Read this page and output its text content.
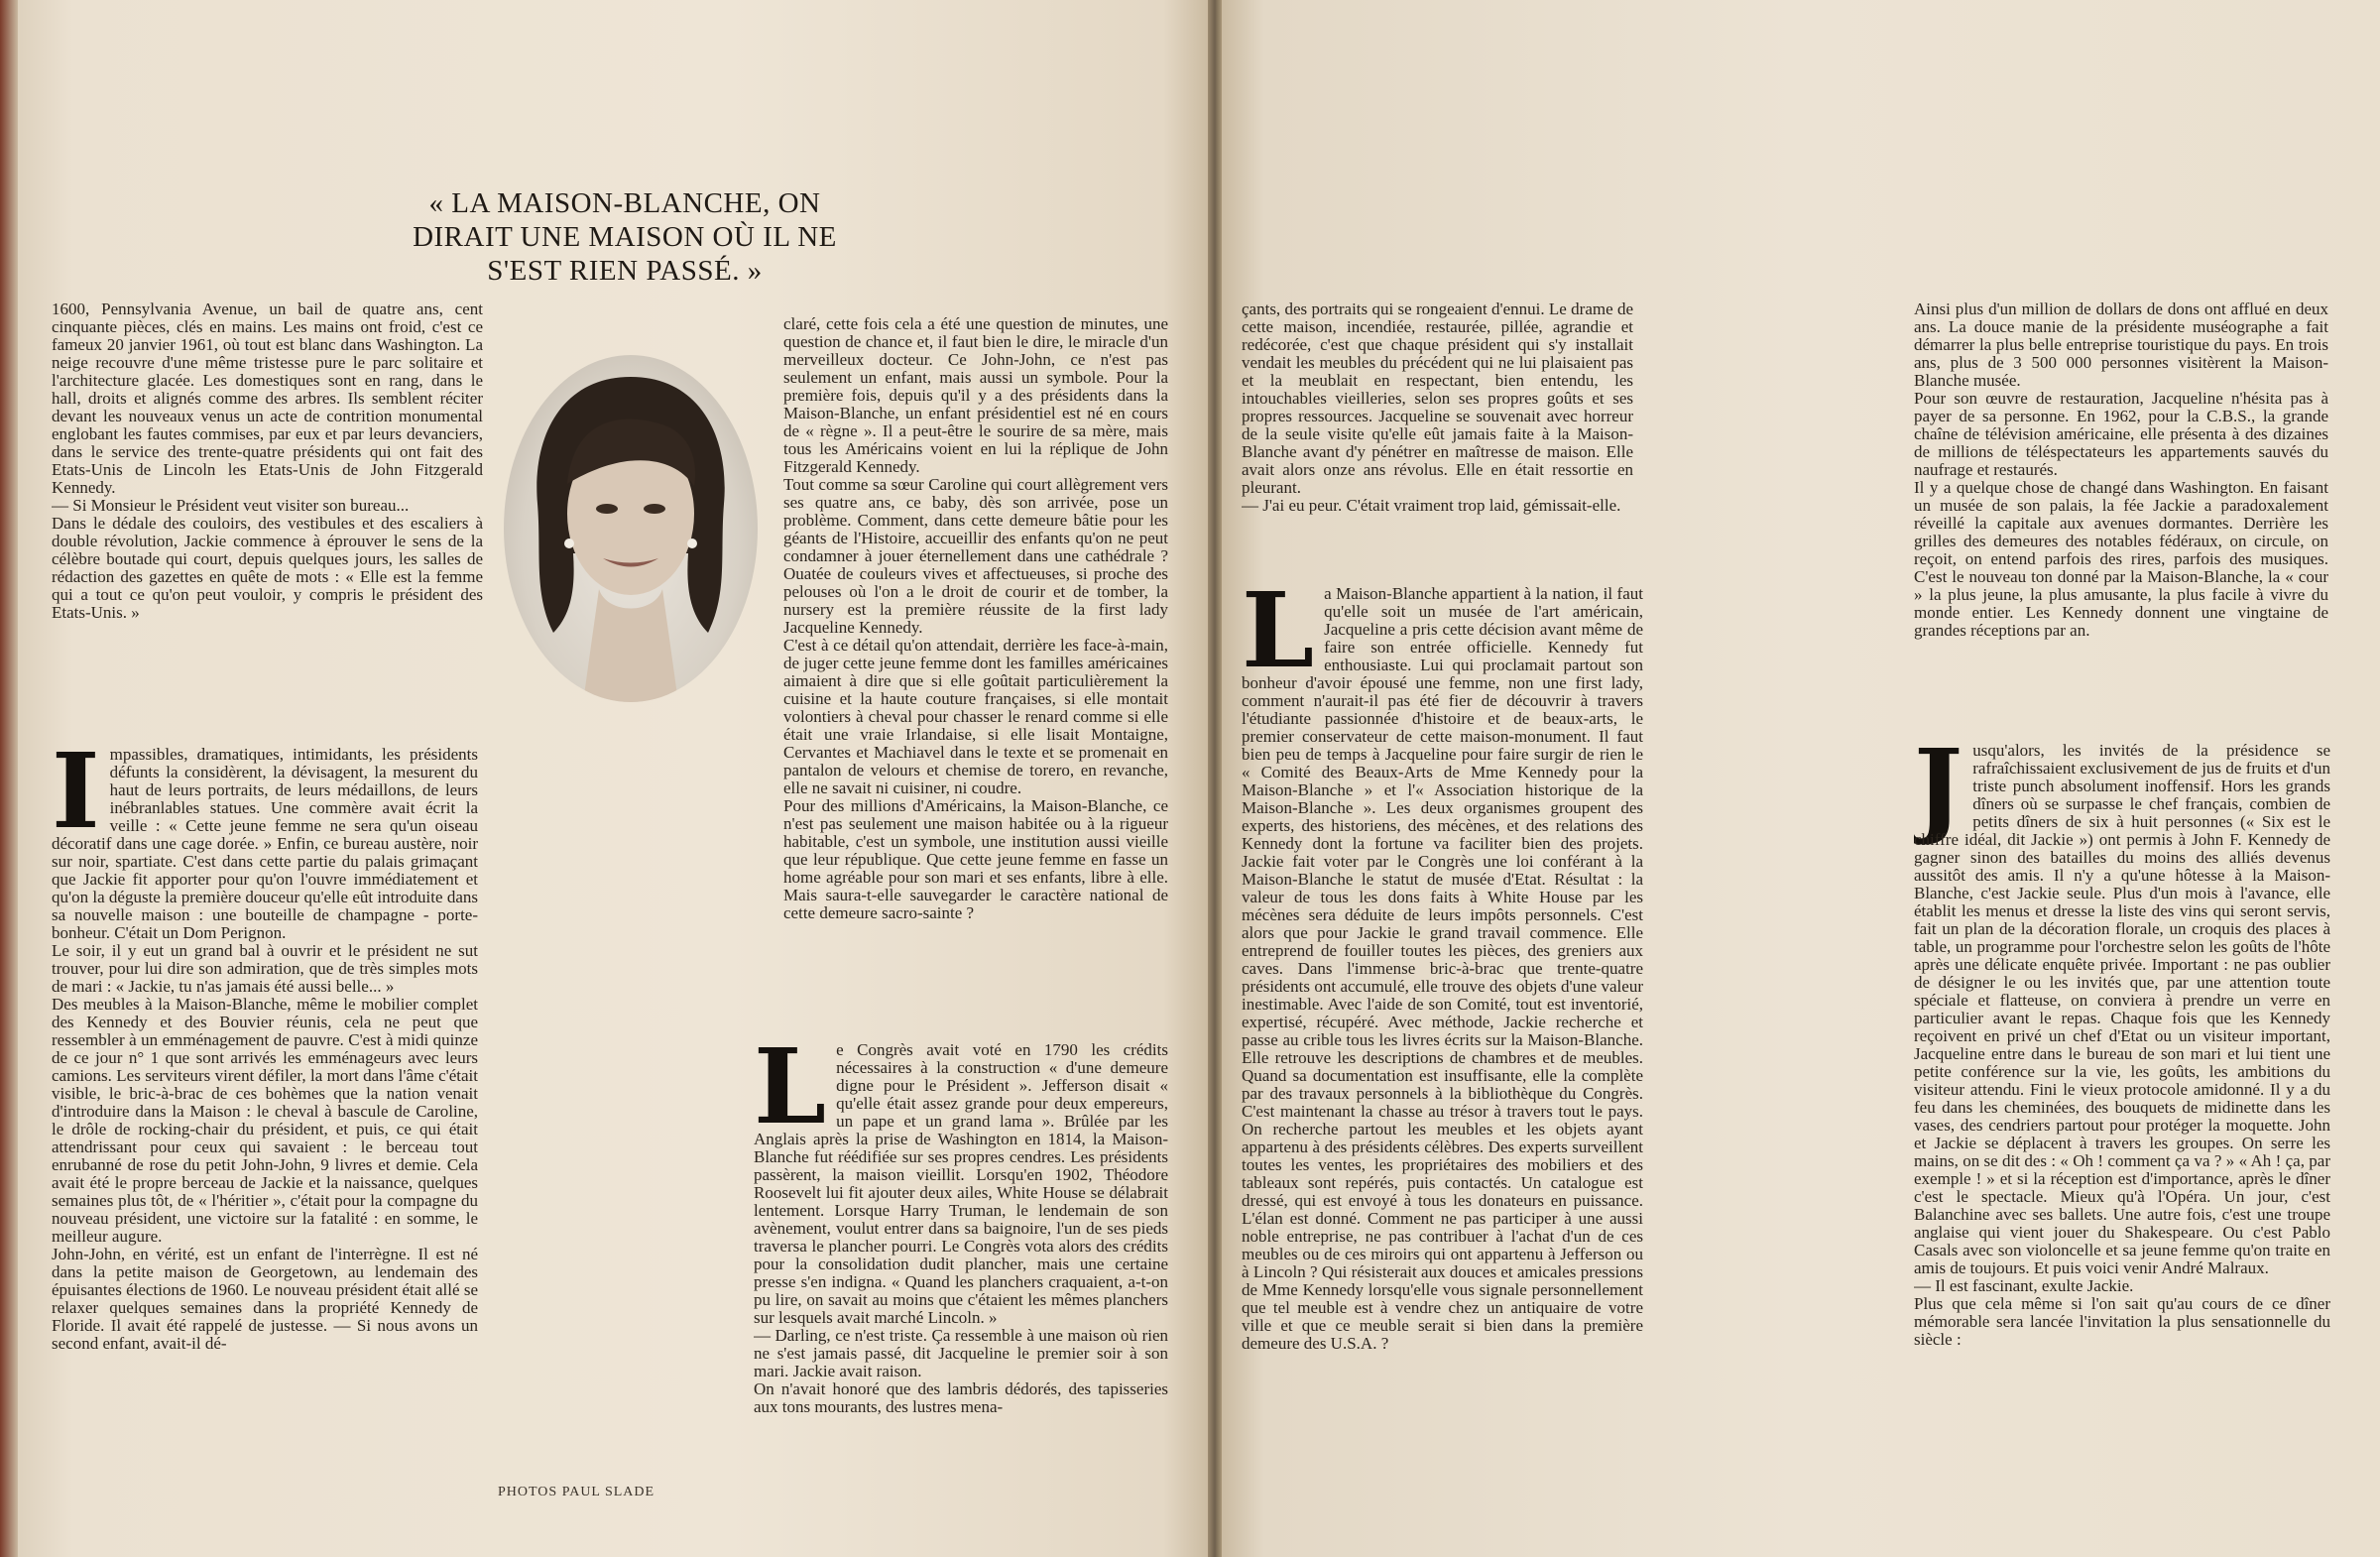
« LA MAISON-BLANCHE, ON DIRAIT UNE MAISON OÙ IL NE S'EST RIEN PASSÉ. »
PHOTOS PAUL SLADE

1600, Pennsylvania Avenue, un bail de quatre ans, cent cinquante pièces, clés en mains. Les mains ont froid, c'est ce fameux 20 janvier 1961, où tout est blanc dans Washington. La neige recouvre d'une même tristesse pure le parc solitaire et l'architecture glacée. Les domestiques sont en rang, dans le hall, droits et alignés comme des arbres. Ils semblent réciter devant les nouveaux venus un acte de contrition monumental englobant les fautes commises, par eux et par leurs devanciers, dans le service des trente-quatre présidents qui ont fait des Etats-Unis de Lincoln les Etats-Unis de John Fitzgerald Kennedy.

— Si Monsieur le Président veut visiter son bureau...

Dans le dédale des couloirs, des vestibules et des escaliers à double révolution, Jackie commence à éprouver le sens de la célèbre boutade qui court, depuis quelques jours, les salles de rédaction des gazettes en quête de mots : « Elle est la femme qui a tout ce qu'on peut vouloir, y compris le président des Etats-Unis. »

I mpassibles, dramatiques, intimidants, les présidents défunts la considèrent, la dévisagent, la mesurent du haut de leurs portraits, de leurs médaillons, de leurs inébranlables statues. Une commère avait écrit la veille : « Cette jeune femme ne sera qu'un oiseau décoratif dans une cage dorée. » Enfin, ce bureau austère, noir sur noir, spartiate. C'est dans cette partie du palais grimaçant que Jackie fit apporter pour qu'on l'ouvre immédiatement et qu'on la déguste la première douceur qu'elle eût introduite dans sa nouvelle maison : une bouteille de champagne - porte-bonheur. C'était un Dom Perignon.

Le soir, il y eut un grand bal à ouvrir et le président ne sut trouver, pour lui dire son admiration, que de très simples mots de mari : « Jackie, tu n'as jamais été aussi belle... »

Des meubles à la Maison-Blanche, même le mobilier complet des Kennedy et des Bouvier réunis, cela ne peut que ressembler à un emménagement de pauvre. C'est à midi quinze de ce jour n° 1 que sont arrivés les emménageurs avec leurs camions. Les serviteurs virent défiler, la mort dans l'âme c'était visible, le bric-à-brac de ces bohèmes que la nation venait d'introduire dans la Maison : le cheval à bascule de Caroline, le drôle de rocking-chair du président, et puis, ce qui était attendrissant pour ceux qui savaient : le berceau tout enrubanné de rose du petit John-John, 9 livres et demie. Cela avait été le propre berceau de Jackie et la naissance, quelques semaines plus tôt, de « l'héritier », c'était pour la compagne du nouveau président, une victoire sur la fatalité : en somme, le meilleur augure.

John-John, en vérité, est un enfant de l'interrègne. Il est né dans la petite maison de Georgetown, au lendemain des épuisantes élections de 1960. Le nouveau président était allé se relaxer quelques semaines dans la propriété Kennedy de Floride. Il avait été rappelé de justesse. — Si nous avons un second enfant, avait-il dé-

claré, cette fois cela a été une question de minutes, une question de chance et, il faut bien le dire, le miracle d'un merveilleux docteur. Ce John-John, ce n'est pas seulement un enfant, mais aussi un symbole. Pour la première fois, depuis qu'il y a des présidents dans la Maison-Blanche, un enfant présidentiel est né en cours de « règne ». Il a peut-être le sourire de sa mère, mais tous les Américains voient en lui la réplique de John Fitzgerald Kennedy.

Tout comme sa sœur Caroline qui court allègrement vers ses quatre ans, ce baby, dès son arrivée, pose un problème. Comment, dans cette demeure bâtie pour les géants de l'Histoire, accueillir des enfants qu'on ne peut condamner à jouer éternellement dans une cathédrale ? Ouatée de couleurs vives et affectueuses, si proche des pelouses où l'on a le droit de courir et de tomber, la nursery est la première réussite de la first lady Jacqueline Kennedy.

C'est à ce détail qu'on attendait, derrière les face-à-main, de juger cette jeune femme dont les familles américaines aimaient à dire que si elle goûtait particulièrement la cuisine et la haute couture françaises, si elle montait volontiers à cheval pour chasser le renard comme si elle était une vraie Irlandaise, si elle lisait Montaigne, Cervantes et Machiavel dans le texte et se promenait en pantalon de velours et chemise de torero, en revanche, elle ne savait ni cuisiner, ni coudre.

Pour des millions d'Américains, la Maison-Blanche, ce n'est pas seulement une maison habitée ou à la rigueur habitable, c'est un symbole, une institution aussi vieille que leur république. Que cette jeune femme en fasse un home agréable pour son mari et ses enfants, libre à elle. Mais saura-t-elle sauvegarder le caractère national de cette demeure sacro-sainte ?

L e Congrès avait voté en 1790 les crédits nécessaires à la construction « d'une demeure digne pour le Président ». Jefferson disait « qu'elle était assez grande pour deux empereurs, un pape et un grand lama ». Brûlée par les Anglais après la prise de Washington en 1814, la Maison-Blanche fut réédifiée sur ses propres cendres. Les présidents passèrent, la maison vieillit. Lorsqu'en 1902, Théodore Roosevelt lui fit ajouter deux ailes, White House se délabrait lentement. Lorsque Harry Truman, le lendemain de son avènement, voulut entrer dans sa baignoire, l'un de ses pieds traversa le plancher pourri. Le Congrès vota alors des crédits pour la consolidation dudit plancher, mais une certaine presse s'en indigna. « Quand les planchers craquaient, a-t-on pu lire, on savait au moins que c'étaient les mêmes planchers sur lesquels avait marché Lincoln. »

— Darling, ce n'est triste. Ça ressemble à une maison où rien ne s'est jamais passé, dit Jacqueline le premier soir à son mari. Jackie avait raison.

On n'avait honoré que des lambris dédorés, des tapisseries aux tons mourants, des lustres mena-

çants, des portraits qui se rongeaient d'ennui. Le drame de cette maison, incendiée, restaurée, pillée, agrandie et redécorée, c'est que chaque président qui s'y installait vendait les meubles du précédent qui ne lui plaisaient pas et la meublait en respectant, bien entendu, les intouchables vieilleries, selon ses propres goûts et ses propres ressources. Jacqueline se souvenait avec horreur de la seule visite qu'elle eût jamais faite à la Maison-Blanche avant d'y pénétrer en maîtresse de maison. Elle avait alors onze ans révolus. Elle en était ressortie en pleurant.

— J'ai eu peur. C'était vraiment trop laid, gémissait-elle.

L a Maison-Blanche appartient à la nation, il faut qu'elle soit un musée de l'art américain, Jacqueline a pris cette décision avant même de faire son entrée officielle. Kennedy fut enthousiaste. Lui qui proclamait partout son bonheur d'avoir épousé une femme, non une first lady, comment n'aurait-il pas été fier de découvrir à travers l'étudiante passionnée d'histoire et de beaux-arts, le premier conservateur de cette maison-monument. Il faut bien peu de temps à Jacqueline pour faire surgir de rien le « Comité des Beaux-Arts de Mme Kennedy pour la Maison-Blanche » et l'« Association historique de la Maison-Blanche ». Les deux organismes groupent des experts, des historiens, des mécènes, et des relations des Kennedy dont la fortune va faciliter bien des projets. Jackie fait voter par le Congrès une loi conférant à la Maison-Blanche le statut de musée d'Etat. Résultat : la valeur de tous les dons faits à White House par les mécènes sera déduite de leurs impôts personnels. C'est alors que pour Jackie le grand travail commence. Elle entreprend de fouiller toutes les pièces, des greniers aux caves. Dans l'immense bric-à-brac que trente-quatre présidents ont accumulé, elle trouve des objets d'une valeur inestimable. Avec l'aide de son Comité, tout est inventorié, expertisé, récupéré. Avec méthode, Jackie recherche et passe au crible tous les livres écrits sur la Maison-Blanche. Elle retrouve les descriptions de chambres et de meubles. Quand sa documentation est insuffisante, elle la complète par des travaux personnels à la bibliothèque du Congrès. C'est maintenant la chasse au trésor à travers tout le pays. On recherche partout les meubles et les objets ayant appartenu à des présidents célèbres. Des experts surveillent toutes les ventes, les propriétaires des mobiliers et des tableaux sont repérés, puis contactés. Un catalogue est dressé, qui est envoyé à tous les donateurs en puissance. L'élan est donné. Comment ne pas participer à une aussi noble entreprise, ne pas contribuer à l'achat d'un de ces meubles ou de ces miroirs qui ont appartenu à Jefferson ou à Lincoln ? Qui résisterait aux douces et amicales pressions de Mme Kennedy lorsqu'elle vous signale personnellement que tel meuble est à vendre chez un antiquaire de votre ville et que ce meuble serait si bien dans la première demeure des U.S.A. ?

Ainsi plus d'un million de dollars de dons ont afflué en deux ans. La douce manie de la présidente muséographe a fait démarrer la plus belle entreprise touristique du pays. En trois ans, plus de 3 500 000 personnes visitèrent la Maison-Blanche musée.

Pour son œuvre de restauration, Jacqueline n'hésita pas à payer de sa personne. En 1962, pour la C.B.S., la grande chaîne de télévision américaine, elle présenta à des dizaines de millions de téléspectateurs les appartements sauvés du naufrage et restaurés.

Il y a quelque chose de changé dans Washington. En faisant un musée de son palais, la fée Jackie a paradoxalement réveillé la capitale aux avenues dormantes. Derrière les grilles des demeures des notables fédéraux, on circule, on reçoit, on entend parfois des rires, parfois des musiques. C'est le nouveau ton donné par la Maison-Blanche, la « cour » la plus jeune, la plus amusante, la plus facile à vivre du monde entier. Les Kennedy donnent une vingtaine de grandes réceptions par an.

J usqu'alors, les invités de la présidence se rafraîchissaient exclusivement de jus de fruits et d'un triste punch absolument inoffensif. Hors les grands dîners où se surpasse le chef français, combien de petits dîners de six à huit personnes (« Six est le chiffre idéal, dit Jackie ») ont permis à John F. Kennedy de gagner sinon des batailles du moins des alliés devenus aussitôt des amis. Il n'y a qu'une hôtesse à la Maison-Blanche, c'est Jackie seule. Plus d'un mois à l'avance, elle établit les menus et dresse la liste des vins qui seront servis, fait un plan de la décoration florale, un croquis des places à table, un programme pour l'orchestre selon les goûts de l'hôte après une délicate enquête privée. Important : ne pas oublier de désigner le ou les invités que, par une attention toute spéciale et flatteuse, on conviera à prendre un verre en particulier avant le repas. Chaque fois que les Kennedy reçoivent en privé un chef d'Etat ou un visiteur important, Jacqueline entre dans le bureau de son mari et lui tient une petite conférence sur la vie, les goûts, les ambitions du visiteur attendu. Fini le vieux protocole amidonné. Il y a du feu dans les cheminées, des bouquets de midinette dans les vases, des cendriers partout pour protéger la moquette. John et Jackie se déplacent à travers les groupes. On serre les mains, on se dit des : « Oh ! comment ça va ? » « Ah ! ça, par exemple ! » et si la réception est d'importance, après le dîner c'est le spectacle. Mieux qu'à l'Opéra. Un jour, c'est Balanchine avec ses ballets. Une autre fois, c'est une troupe anglaise qui vient jouer du Shakespeare. Ou c'est Pablo Casals avec son violoncelle et sa jeune femme qu'on traite en amis de toujours. Et puis voici venir André Malraux.

— Il est fascinant, exulte Jackie.

Plus que cela même si l'on sait qu'au cours de ce dîner mémorable sera lancée l'invitation la plus sensationnelle du siècle :
